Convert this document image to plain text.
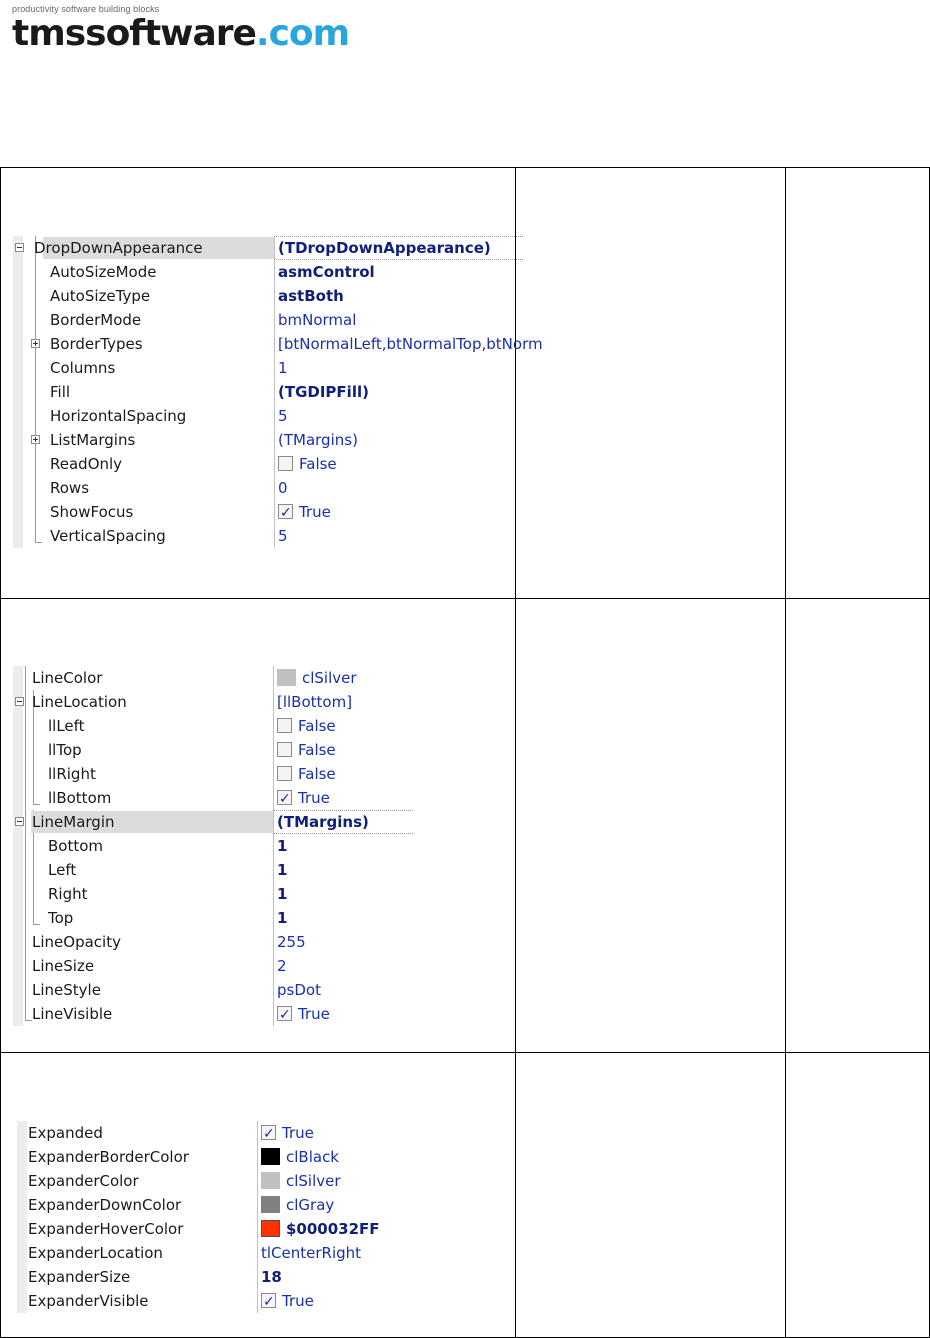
productivity software building blocks
tmssoftware.com
DropDownAppearance	(TDropDownAppearance)
AutoSizeMode	asmControl
AutoSizeType	astBoth
BorderMode	bmNormal
BorderTypes	[btNormalLeft,btNormalTop,btNorm
Columns	1
Fill	(TGDIPFill)
HorizontalSpacing	5
ListMargins	(TMargins)
ReadOnly	False
Rows	0
ShowFocus ✓	True
VerticalSpacing	5
LineColor	clSilver
LineLocation	[llBottom]
llLeft	False
llTop	False
llRight	False
llBottom ✓	True
LineMargin	(TMargins)
Bottom	1
Left	1
Right	1
Top	1
LineOpacity	255
LineSize	2
LineStyle	psDot
LineVisible ✓	True
Expanded ✓	True
ExpanderBorderColor	clBlack
ExpanderColor	clSilver
ExpanderDownColor	clGray
ExpanderHoverColor	$000032FF
ExpanderLocation	tlCenterRight
ExpanderSize	18
ExpanderVisible ✓	True
